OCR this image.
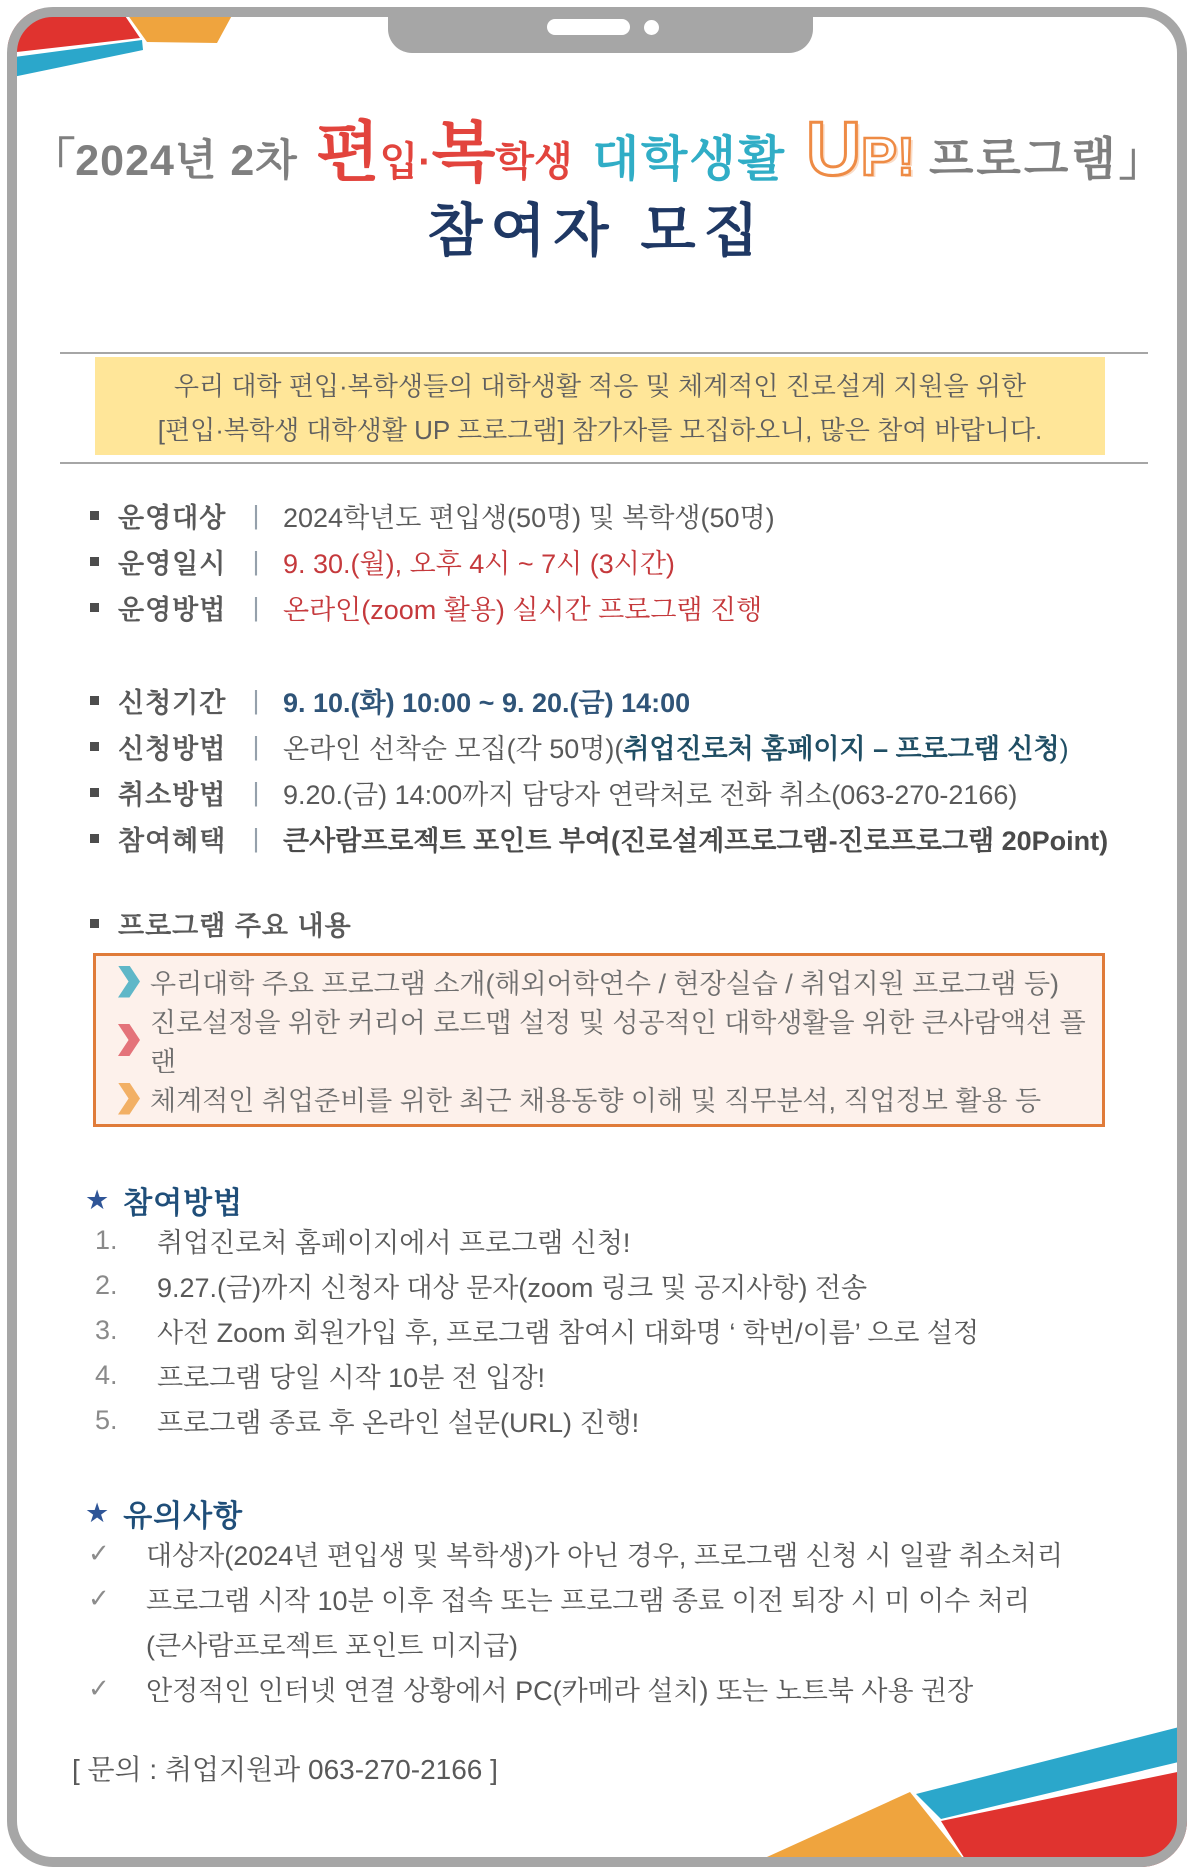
「 2024년 2차 편 입· 복 학생 대학생활 U P! 프로그램 」
참여자 모집

우리 대학 편입·복학생들의 대학생활 적응 및 체계적인 진로설계 지원을 위한

[편입·복학생 대학생활 UP 프로그램] 참가자를 모집하오니, 많은 참여 바랍니다.

운영대상	| 2024학년도 편입생(50명) 및 복학생(50명)
운영일시	| 9. 30.(월), 오후 4시 ~ 7시 (3시간)
운영방법	| 온라인(zoom 활용) 실시간 프로그램 진행
신청기간	| 9. 10.(화) 10:00 ~ 9. 20.(금) 14:00
신청방법	| 온라인 선착순 모집(각 50명)(취업진로처 홈페이지 – 프로그램 신청)
취소방법	| 9.20.(금) 14:00까지 담당자 연락처로 전화 취소(063-270-2166)
참여혜택	| 큰사람프로젝트 포인트 부여(진로설계프로그램-진로프로그램 20Point)
프로그램 주요 내용
우리대학 주요 프로그램 소개(해외어학연수 / 현장실습 / 취업지원 프로그램 등)
진로설정을 위한 커리어 로드맵 설정 및 성공적인 대학생활을 위한 큰사람액션 플랜
체계적인 취업준비를 위한 최근 채용동향 이해 및 직무분석, 직업정보 활용 등
★ 참여방법
1.	취업진로처 홈페이지에서 프로그램 신청!
2.	9.27.(금)까지 신청자 대상 문자(zoom 링크 및 공지사항) 전송
3.	사전 Zoom 회원가입 후, 프로그램 참여시 대화명 ‘ 학번/이름’ 으로 설정
4.	프로그램 당일 시작 10분 전 입장!
5.	프로그램 종료 후 온라인 설문(URL) 진행!
★ 유의사항
✓	대상자(2024년 편입생 및 복학생)가 아닌 경우, 프로그램 신청 시 일괄 취소처리
✓	프로그램 시작 10분 이후 접속 또는 프로그램 종료 이전 퇴장 시 미 이수 처리
(큰사람프로젝트 포인트 미지급)
✓	안정적인 인터넷 연결 상황에서 PC(카메라 설치) 또는 노트북 사용 권장
[ 문의 : 취업지원과 063-270-2166 ]
